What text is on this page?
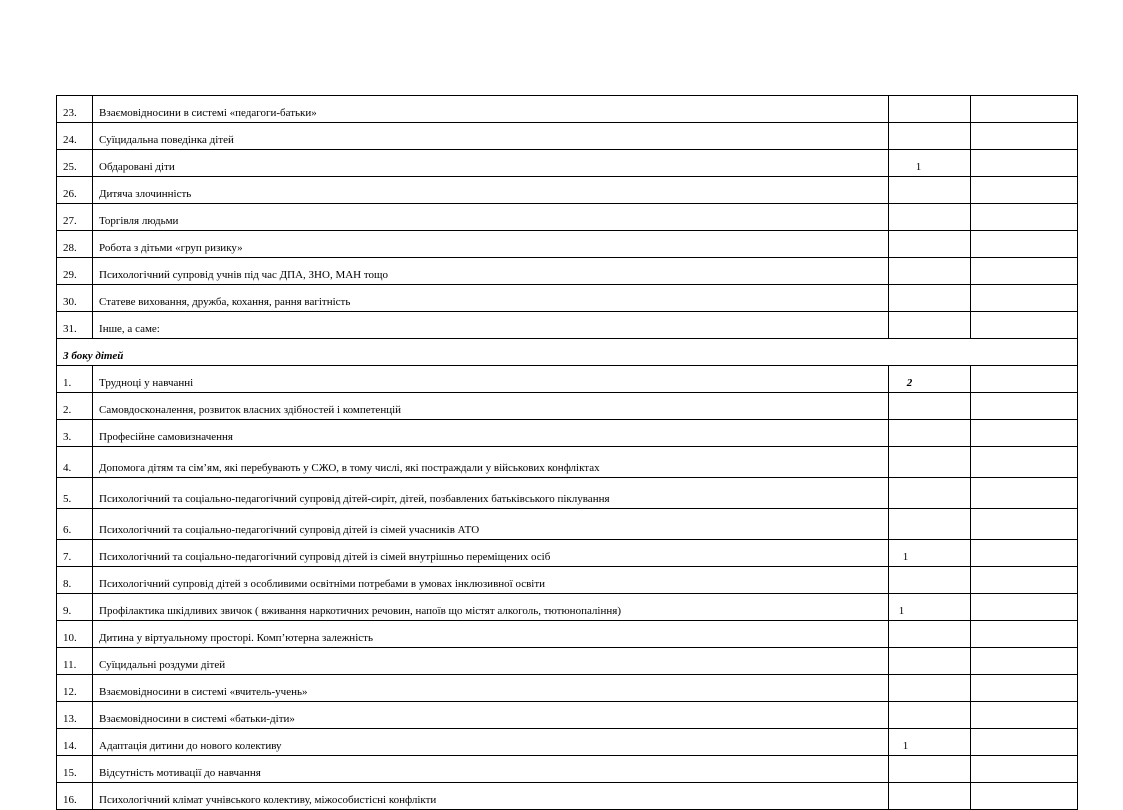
23.	Взаємовідносини в системі «педагоги-батьки»		
24.	Суїцидальна поведінка дітей		
25.	Обдаровані діти	1	
26.	Дитяча злочинність		
27.	Торгівля людьми		
28.	Робота з дітьми «груп ризику»		
29.	Психологічний супровід учнів під час ДПА, ЗНО, МАН тощо		
30.	Статеве виховання, дружба, кохання, рання вагітність		
31.	Інше, а саме:		
З боку дітей			
1.	Трудноці у навчанні	2	
2.	Самовдосконалення, розвиток власних здібностей і компетенцій		
3.	Професійне самовизначення		
4.	Допомога дітям та сім’ям, які перебувають у СЖО, в тому числі, які постраждали у військових конфліктах		
5.	Психологічний та соціально-педагогічний супровід дітей-сиріт, дітей, позбавлених батьківського піклування		
6.	Психологічний та соціально-педагогічний супровід дітей із сімей учасників АТО		
7.	Психологічний та соціально-педагогічний супровід дітей із сімей внутрішньо переміщених осіб	1	
8.	Психологічний супровід дітей з особливими освітніми потребами в умовах інклюзивної освіти		
9.	Профілактика шкідливих звичок ( вживання наркотичних речовин, напоїв що містят алкоголь, тютюнопаління)	1	
10.	Дитина у віртуальному просторі. Комп’ютерна залежність		
11.	Суїцидальні роздуми дітей		
12.	Взаємовідносини в системі «вчитель-учень»		
13.	Взаємовідносини в системі «батьки-діти»		
14.	Адаптація дитини до нового колективу	1	
15.	Відсутність мотивації до навчання		
16.	Психологічний клімат учнівського колективу, міжособистісні конфлікти		
